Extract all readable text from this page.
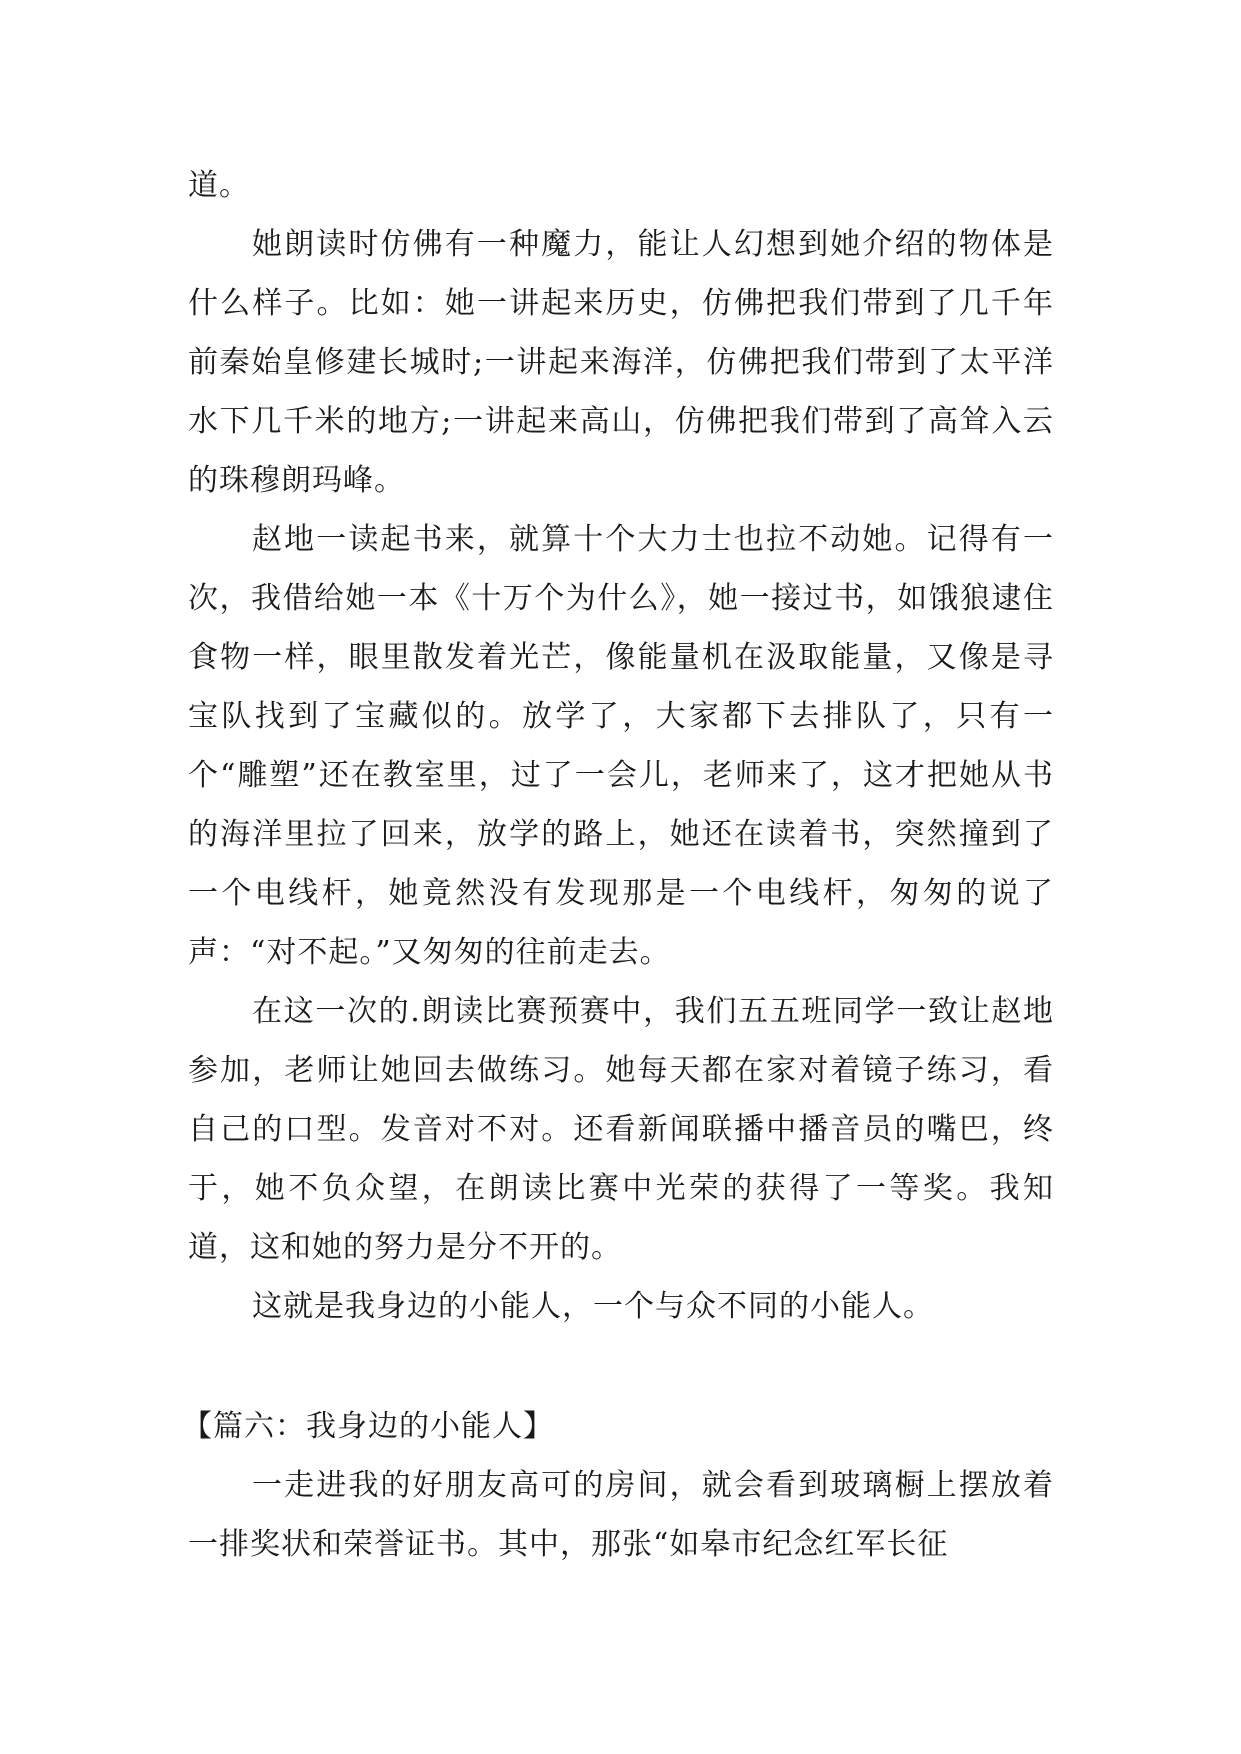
道。

她朗读时仿佛有一种魔力，能让人幻想到她介绍的物体是什么样子。比如：她一讲起来历史，仿佛把我们带到了几千年前秦始皇修建长城时;一讲起来海洋，仿佛把我们带到了太平洋水下几千米的地方;一讲起来高山，仿佛把我们带到了高耸入云的珠穆朗玛峰。

赵地一读起书来，就算十个大力士也拉不动她。记得有一次，我借给她一本《十万个为什么》，她一接过书，如饿狼逮住食物一样，眼里散发着光芒，像能量机在汲取能量，又像是寻宝队找到了宝藏似的。放学了，大家都下去排队了，只有一个“雕塑”还在教室里，过了一会儿，老师来了，这才把她从书的海洋里拉了回来，放学的路上，她还在读着书，突然撞到了一个电线杆，她竟然没有发现那是一个电线杆，匆匆的说了声：“对不起。”又匆匆的往前走去。

在这一次的.朗读比赛预赛中，我们五五班同学一致让赵地参加，老师让她回去做练习。她每天都在家对着镜子练习，看自己的口型。发音对不对。还看新闻联播中播音员的嘴巴，终于，她不负众望，在朗读比赛中光荣的获得了一等奖。我知道，这和她的努力是分不开的。

这就是我身边的小能人，一个与众不同的小能人。

【篇六：我身边的小能人】

一走进我的好朋友高可的房间，就会看到玻璃橱上摆放着一排奖状和荣誉证书。其中，那张“如皋市纪念红军长征
